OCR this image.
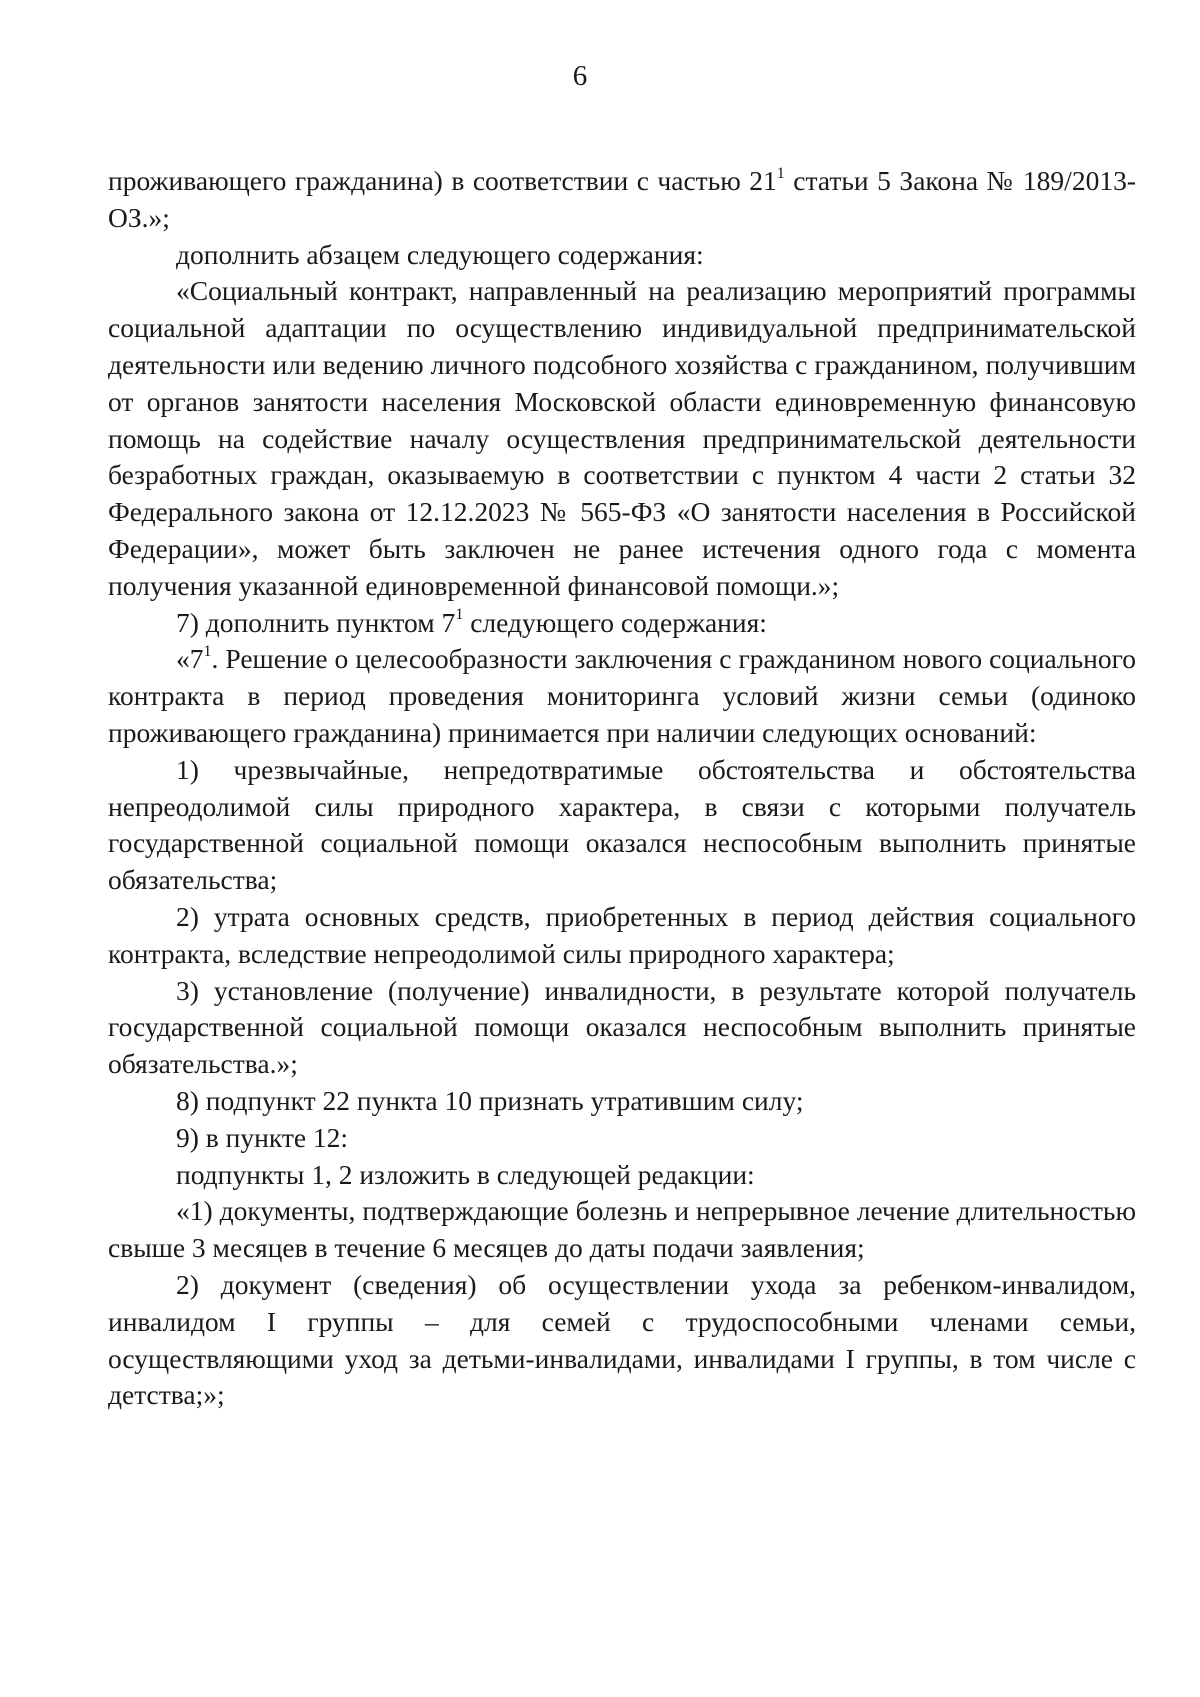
6

проживающего гражданина) в соответствии с частью $21^1$ статьи 5 Закона № 189/2013-ОЗ.»;

дополнить абзацем следующего содержания:

«Социальный контракт, направленный на реализацию мероприятий программы социальной адаптации по осуществлению индивидуальной предпринимательской деятельности или ведению личного подсобного хозяйства с гражданином, получившим от органов занятости населения Московской области единовременную финансовую помощь на содействие началу осуществления предпринимательской деятельности безработных граждан, оказываемую в соответствии с пунктом 4 части 2 статьи 32 Федерального закона от 12.12.2023 № 565-ФЗ «О занятости населения в Российской Федерации», может быть заключен не ранее истечения одного года с момента получения указанной единовременной финансовой помощи.»;

7) дополнить пунктом $7^1$ следующего содержания:

«$7^1$. Решение о целесообразности заключения с гражданином нового социального контракта в период проведения мониторинга условий жизни семьи (одиноко проживающего гражданина) принимается при наличии следующих оснований:

1) чрезвычайные, непредотвратимые обстоятельства и обстоятельства непреодолимой силы природного характера, в связи с которыми получатель государственной социальной помощи оказался неспособным выполнить принятые обязательства;

2) утрата основных средств, приобретенных в период действия социального контракта, вследствие непреодолимой силы природного характера;

3) установление (получение) инвалидности, в результате которой получатель государственной социальной помощи оказался неспособным выполнить принятые обязательства.»;

8) подпункт 22 пункта 10 признать утратившим силу;

9) в пункте 12:

подпункты 1, 2 изложить в следующей редакции:

«1) документы, подтверждающие болезнь и непрерывное лечение длительностью свыше 3 месяцев в течение 6 месяцев до даты подачи заявления;

2) документ (сведения) об осуществлении ухода за ребенком-инвалидом, инвалидом I группы – для семей с трудоспособными членами семьи, осуществляющими уход за детьми-инвалидами, инвалидами I группы, в том числе с детства;»;
